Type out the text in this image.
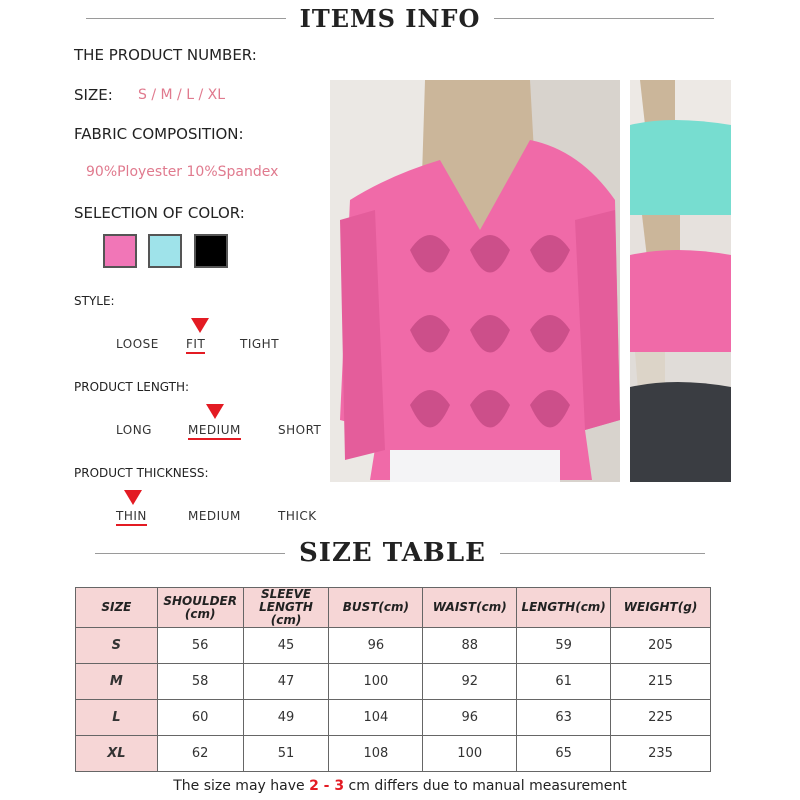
ITEMS INFO
THE PRODUCT NUMBER:
SIZE: S / M / L / XL
FABRIC COMPOSITION:
90%Ployester 10%Spandex
SELECTION OF COLOR:
STYLE:
LOOSE FIT	TIGHT
PRODUCT LENGTH:
LONG	MEDIUM	SHORT
PRODUCT THICKNESS:
THIN	MEDIUM	THICK
SIZE TABLE
SIZE	SHOULDER (cm)	SLEEVE LENGTH (cm)	BUST(cm)	WAIST(cm)	LENGTH(cm)	WEIGHT(g)
S	56	45	96	88	59	205
M	58	47	100	92	61	215
L	60	49	104	96	63	225
XL	62	51	108	100	65	235
The size may have 2 - 3 cm differs due to manual measurement
